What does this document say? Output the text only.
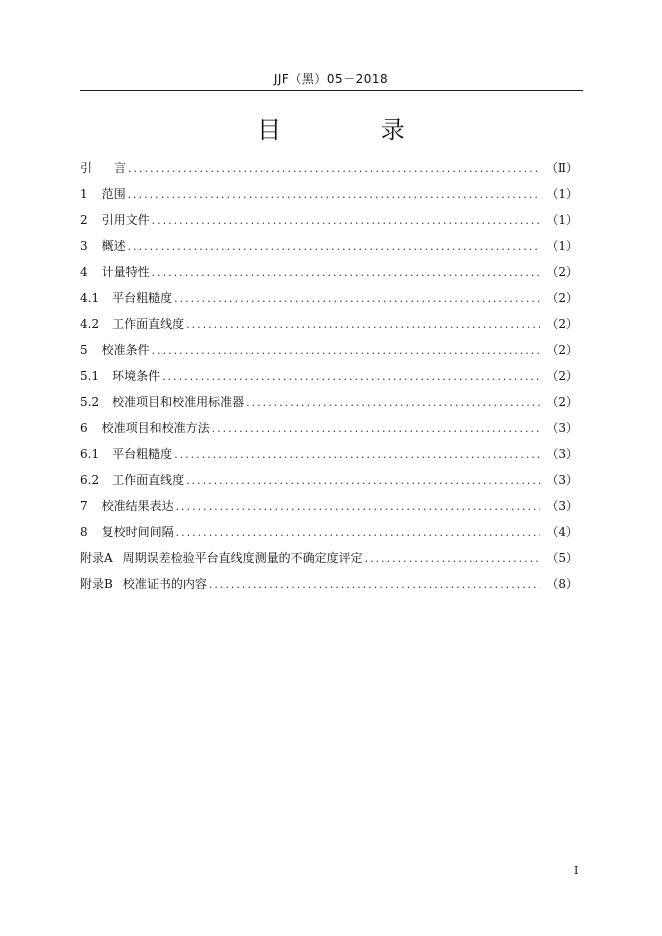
JJF（黑）05－2018
目 录
引 言 .....	（Ⅱ）
1 范围 .....	（1）
2 引用文件 .....	（1）
3 概述 .....	（1）
4 计量特性 .....	（2）
4.1 平台粗糙度 .....	（2）
4.2 工作面直线度 .....	（2）
5 校准条件 .....	（2）
5.1 环境条件 .....	（2）
5.2 校准项目和校准用标准器 .....	（2）
6 校准项目和校准方法 .....	（3）
6.1 平台粗糙度 .....	（3）
6.2 工作面直线度 .....	（3）
7 校准结果表达 .....	（3）
8 复校时间间隔 .....	（4）
附录A 周期误差检验平台直线度测量的不确定度评定 .....	（5）
附录B 校准证书的内容 .....	（8）
I
